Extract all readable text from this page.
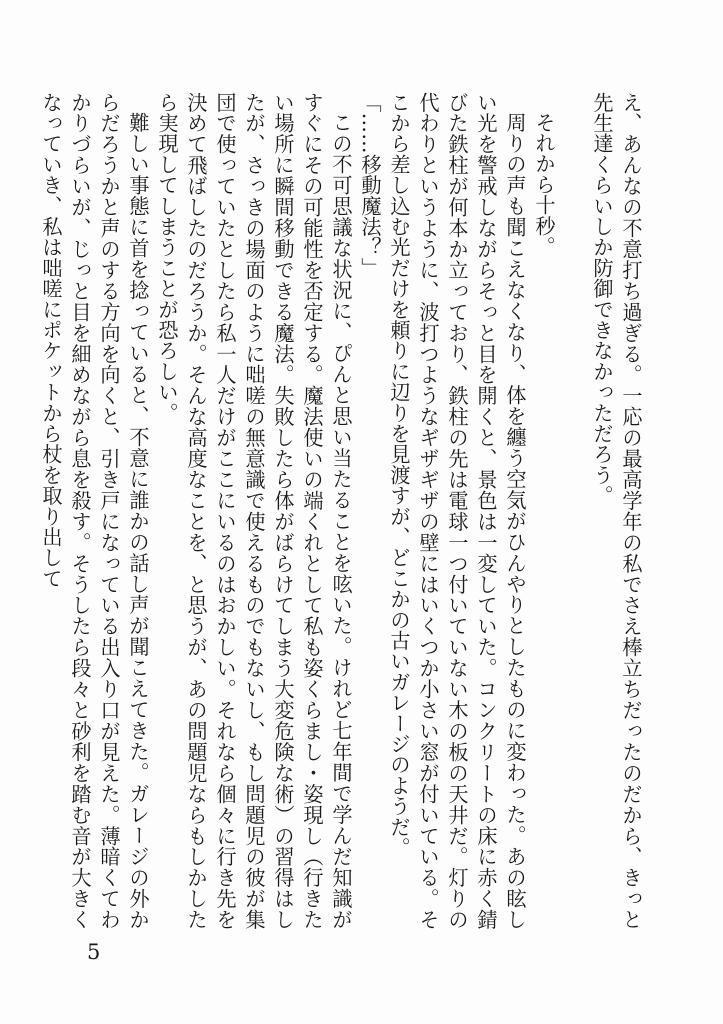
え、あんなの不意打ち過ぎる。一応の最高学年の私でさえ棒立ちだったのだから、きっと先生達くらいしか防御できなかっただろう。

それから十秒。

周りの声も聞こえなくなり、体を纏う空気がひんやりとしたものに変わった。あの眩しい光を警戒しながらそっと目を開くと、景色は一変していた。コンクリートの床に赤く錆びた鉄柱が何本か立っており、鉄柱の先は電球一つ付いていない木の板の天井だ。灯りの代わりというように、波打つようなギザギザの壁にはいくつか小さい窓が付いている。そこから差し込む光だけを頼りに辺りを見渡すが、どこかの古いガレージのようだ。

「……移動魔法？」

この不可思議な状況に、ぴんと思い当たることを呟いた。けれど七年間で学んだ知識がすぐにその可能性を否定する。魔法使いの端くれとして私も姿くらまし・姿現し（行きたい場所に瞬間移動できる魔法。失敗したら体がばらけてしまう大変危険な術）の習得はしたが、さっきの場面のように咄嗟の無意識で使えるものでもないし、もし問題児の彼が集団で使っていたとしたら私一人だけがここにいるのはおかしい。それなら個々に行き先を決めて飛ばしたのだろうか。そんな高度なことを、と思うが、あの問題児ならもしかしたら実現してしまうことが恐ろしい。

難しい事態に首を捻っていると、不意に誰かの話し声が聞こえてきた。ガレージの外からだろうかと声のする方向を向くと、引き戸になっている出入り口が見えた。薄暗くてわかりづらいが、じっと目を細めながら息を殺す。そうしたら段々と砂利を踏む音が大きくなっていき、私は咄嗟にポケットから杖を取り出して

5
